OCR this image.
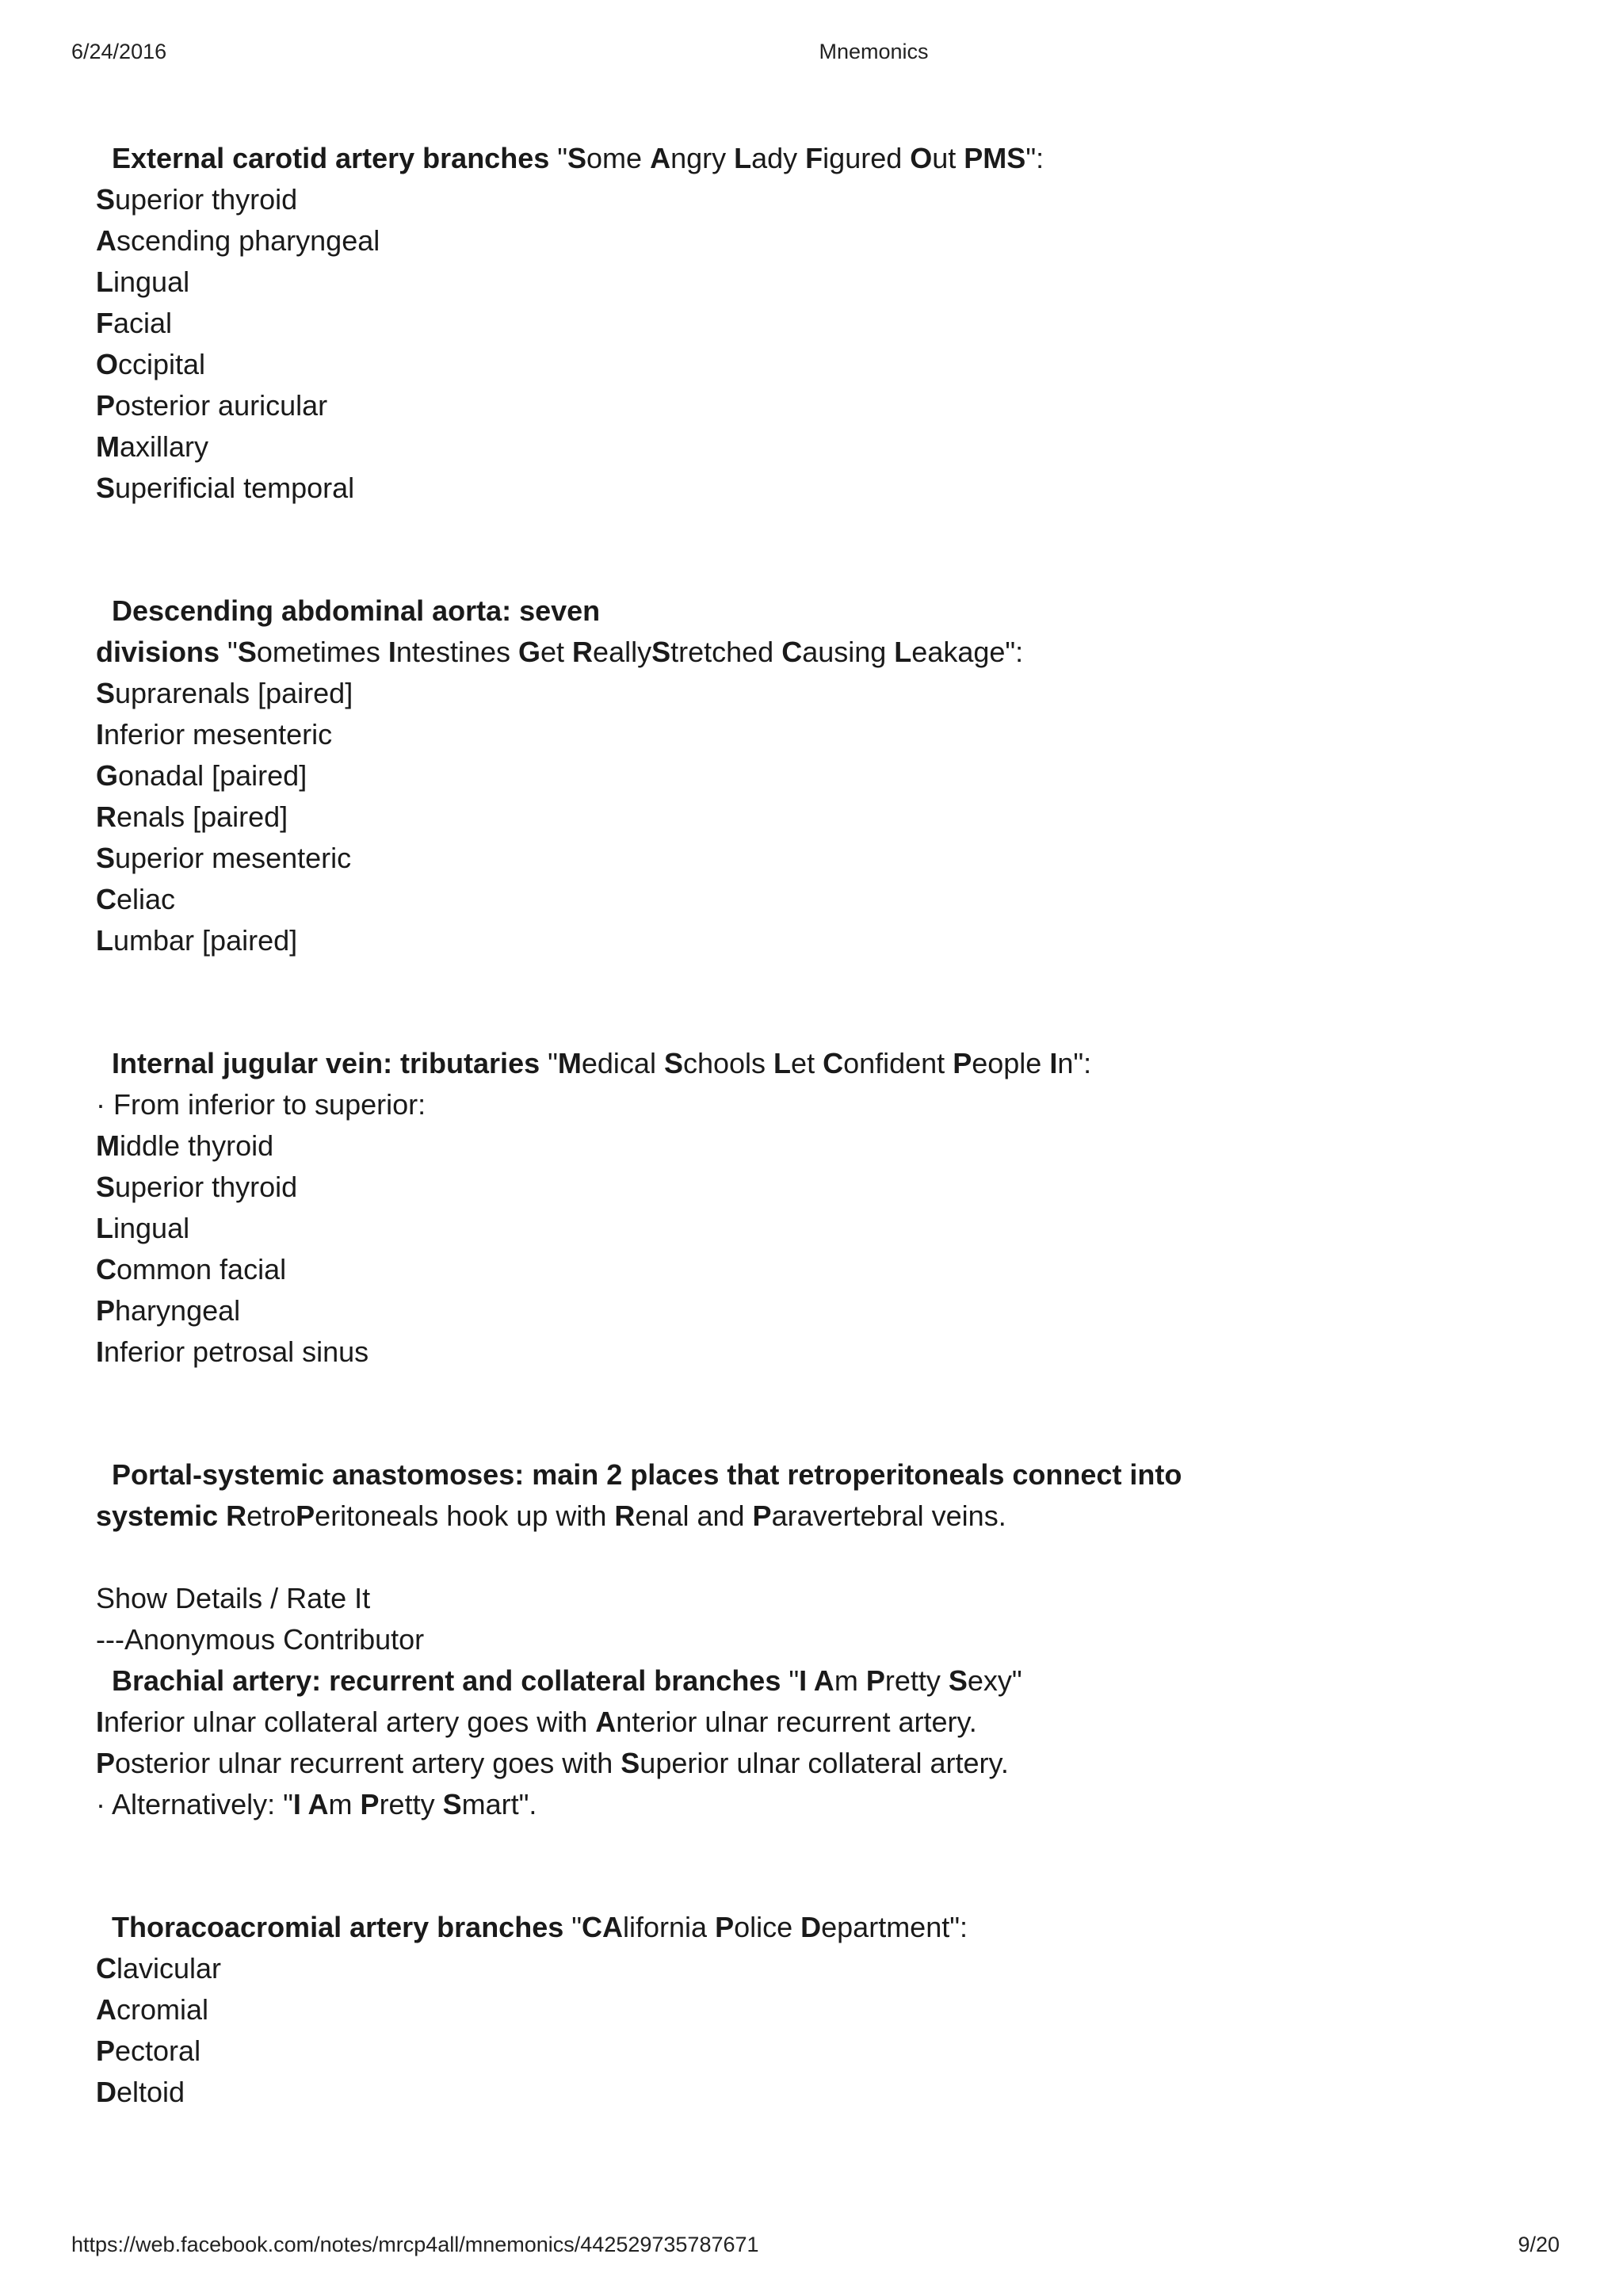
6/24/2016	Mnemonics
External carotid artery branches "Some Angry Lady Figured Out PMS":
Superior thyroid
Ascending pharyngeal
Lingual
Facial
Occipital
Posterior auricular
Maxillary
Superificial temporal
Descending abdominal aorta: seven
divisions "Sometimes Intestines Get ReallyStretched Causing Leakage":
Suprarenals [paired]
Inferior mesenteric
Gonadal [paired]
Renals [paired]
Superior mesenteric
Celiac
Lumbar [paired]
Internal jugular vein: tributaries "Medical Schools Let Confident People In":
· From inferior to superior:
Middle thyroid
Superior thyroid
Lingual
Common facial
Pharyngeal
Inferior petrosal sinus
Portal-systemic anastomoses: main 2 places that retroperitoneals connect into
systemic RetroPeritoneals hook up with Renal and Paravertebral veins.
Show Details / Rate It
---Anonymous Contributor
Brachial artery: recurrent and collateral branches "I Am Pretty Sexy"
Inferior ulnar collateral artery goes with Anterior ulnar recurrent artery.
Posterior ulnar recurrent artery goes with Superior ulnar collateral artery.
· Alternatively: "I Am Pretty Smart".
Thoracoacromial artery branches "CAlifornia Police Department":
Clavicular
Acromial
Pectoral
Deltoid
https://web.facebook.com/notes/mrcp4all/mnemonics/442529735787671	9/20
